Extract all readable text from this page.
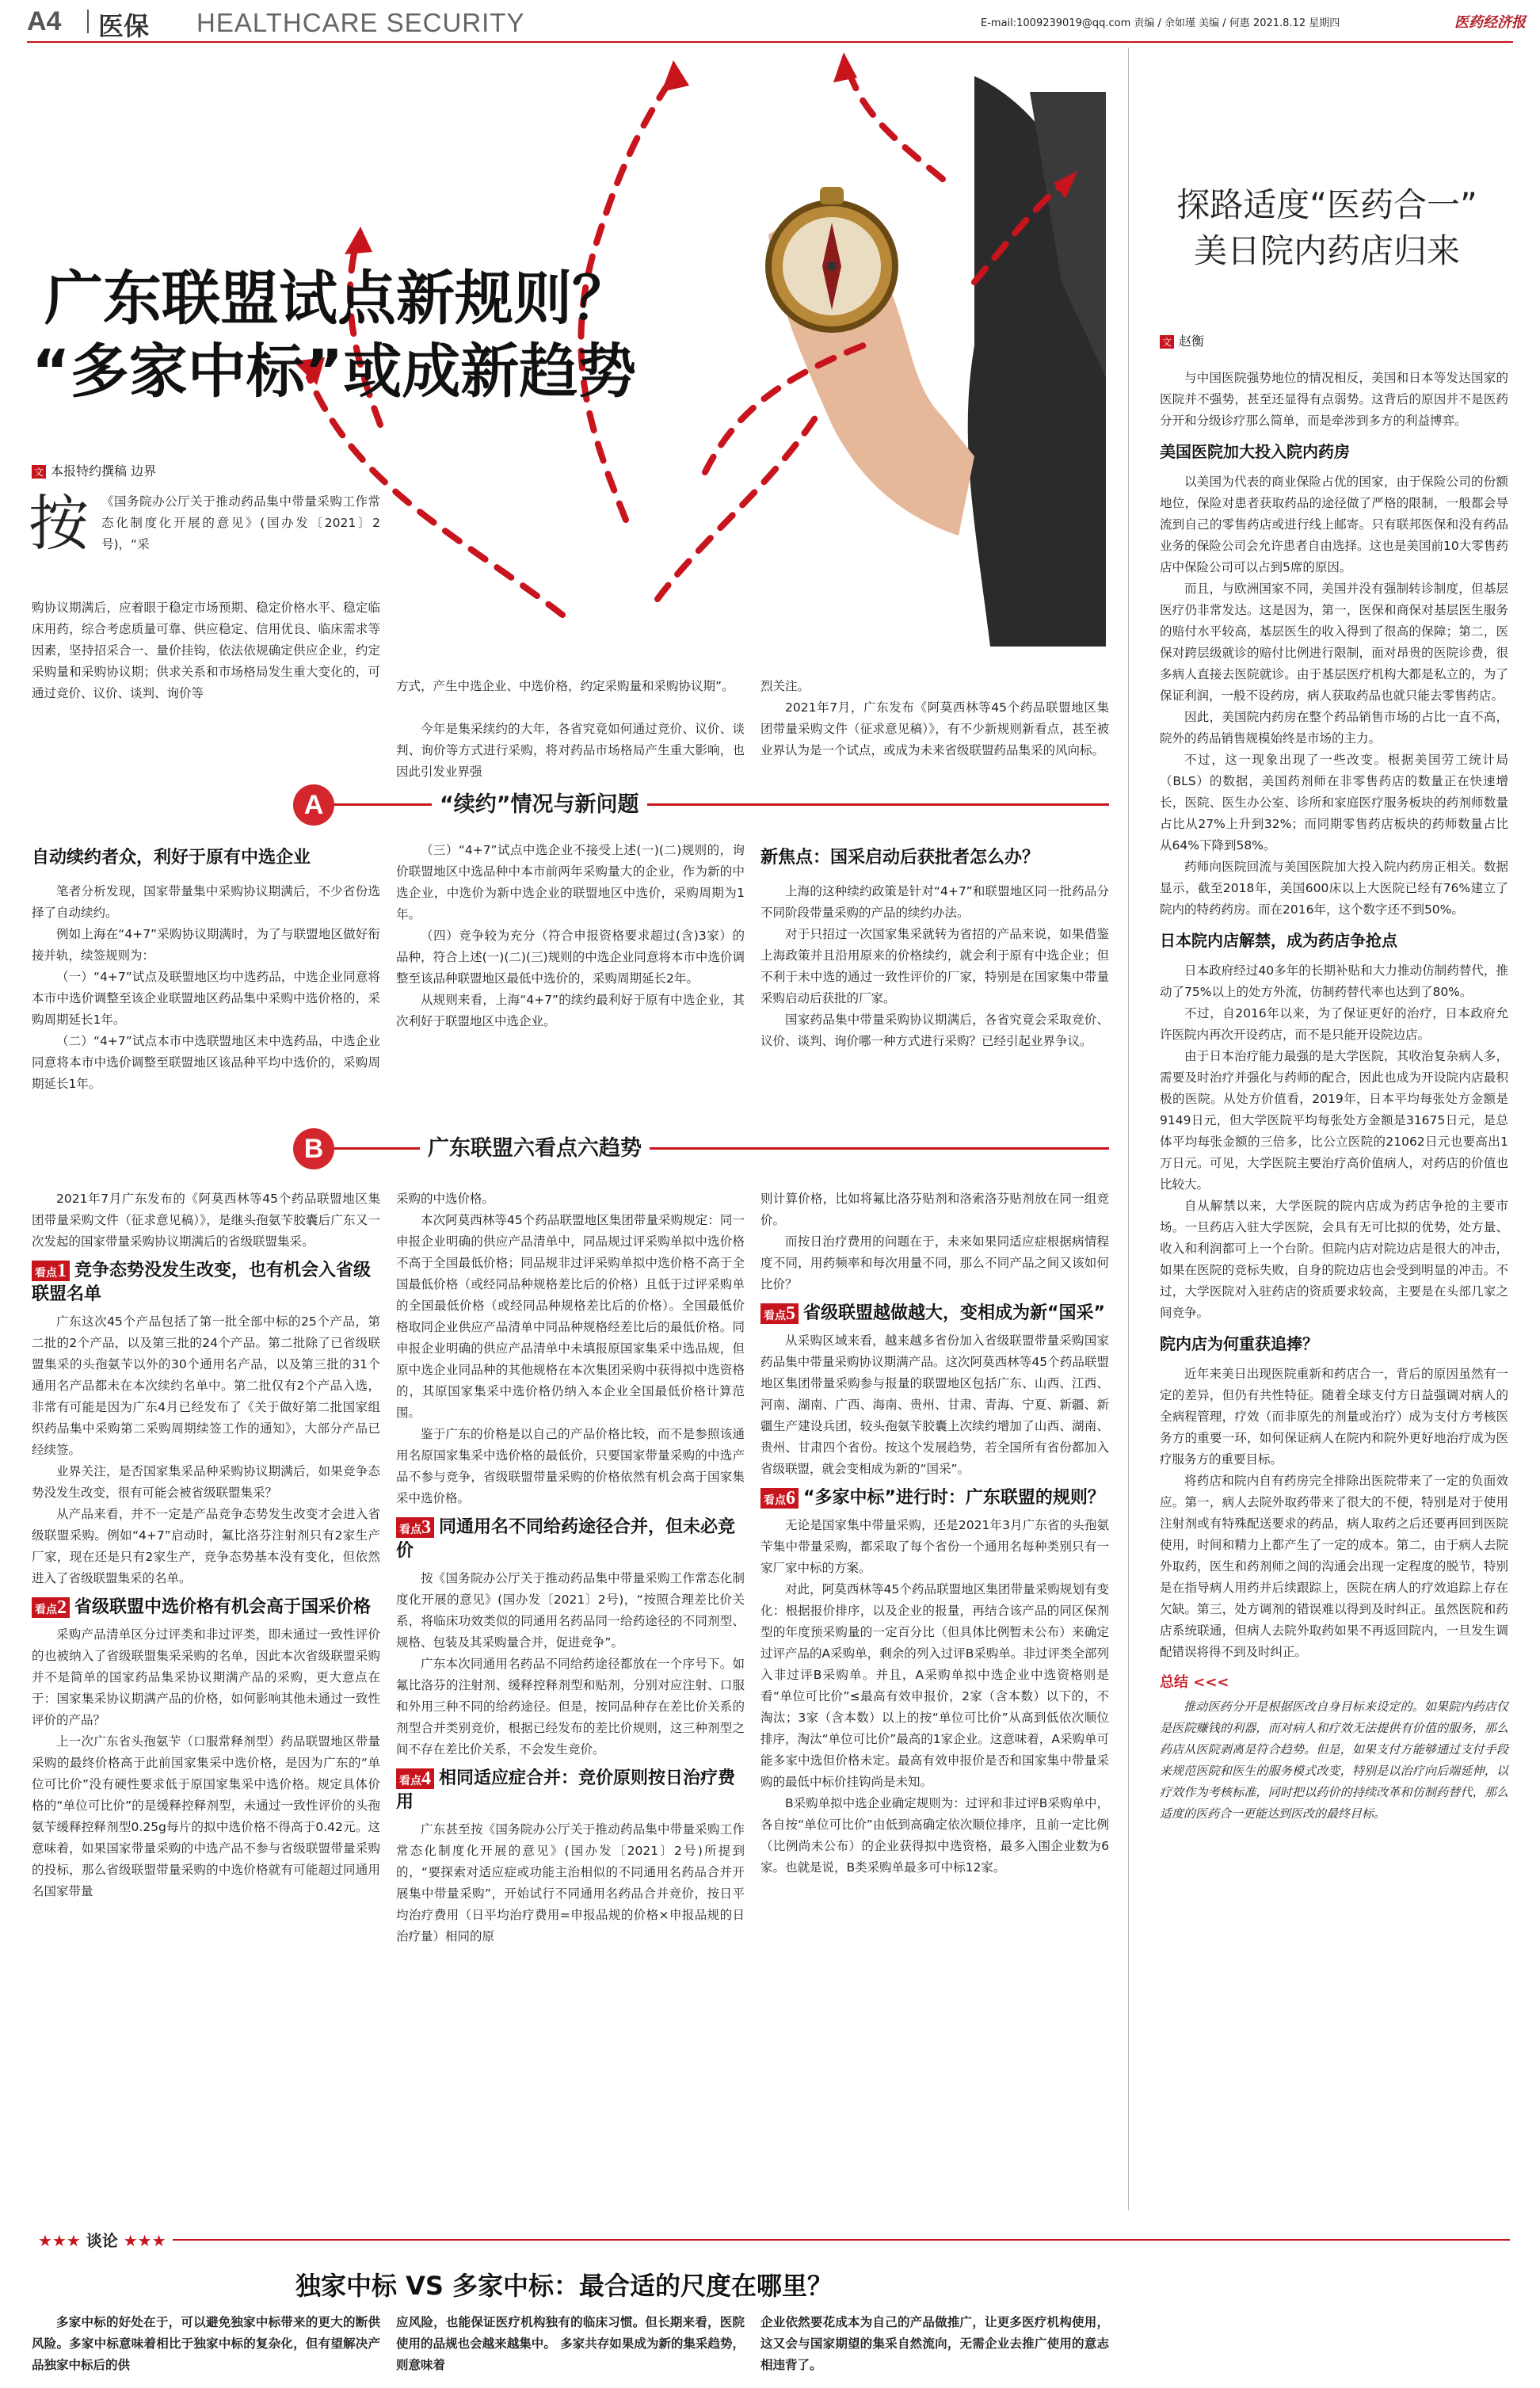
A4 医保 HEALTHCARE SECURITY	E-mail:1009239019@qq.com 责编 / 余如瑾 美编 / 何惠 2021.8.12 星期四	医药经济报
广东联盟试点新规则？
“多家中标”或成新趋势
文 本报特约撰稿 边界
按 《国务院办公厅关于推动药品集中带量采购工作常态化制度化开展的意见》(国办发〔2021〕2号)，“采
购协议期满后，应着眼于稳定市场预期、稳定价格水平、稳定临床用药，综合考虑质量可靠、供应稳定、信用优良、临床需求等因素，坚持招采合一、量价挂钩，依法依规确定供应企业，约定采购量和采购协议期；供求关系和市场格局发生重大变化的，可通过竞价、议价、谈判、询价等	方式，产生中选企业、中选价格，约定采购量和采购协议期”。
今年是集采续约的大年，各省究竟如何通过竞价、议价、谈判、询价等方式进行采购，将对药品市场格局产生重大影响，也因此引发业界强
烈关注。
2021年7月，广东发布《阿莫西林等45个药品联盟地区集团带量采购文件（征求意见稿）》，有不少新规则新看点，甚至被业界认为是一个试点，或成为未来省级联盟药品集采的风向标。
A	“续约”情况与新问题
自动续约者众，利好于原有中选企业
笔者分析发现，国家带量集中采购协议期满后，不少省份选择了自动续约。
例如上海在“4+7”采购协议期满时，为了与联盟地区做好衔接并轨，续签规则为：
（一）“4+7”试点及联盟地区均中选药品，中选企业同意将本市中选价调整至该企业联盟地区药品集中采购中选价格的，采购周期延长1年。
（二）“4+7”试点本市中选联盟地区未中选药品，中选企业同意将本市中选价调整至联盟地区该品种平均中选价的，采购周期延长1年。
（三）“4+7”试点中选企业不接受上述(一)(二)规则的，询价联盟地区中选品种中本市前两年采购量大的企业，作为新的中选企业，中选价为新中选企业的联盟地区中选价，采购周期为1年。
（四）竞争较为充分（符合申报资格要求超过(含)3家）的品种，符合上述(一)(二)(三)规则的中选企业同意将本市中选价调整至该品种联盟地区最低中选价的，采购周期延长2年。
从规则来看，上海“4+7”的续约最利好于原有中选企业，其次利好于联盟地区中选企业。
新焦点：国采启动后获批者怎么办？
上海的这种续约政策是针对“4+7”和联盟地区同一批药品分不同阶段带量采购的产品的续约办法。
对于只招过一次国家集采就转为省招的产品来说，如果借鉴上海政策并且沿用原来的价格续约，就会利于原有中选企业；但不利于未中选的通过一致性评价的厂家，特别是在国家集中带量采购启动后获批的厂家。
国家药品集中带量采购协议期满后，各省究竟会采取竞价、议价、谈判、询价哪一种方式进行采购？已经引起业界争议。
B	广东联盟六看点六趋势
2021年7月广东发布的《阿莫西林等45个药品联盟地区集团带量采购文件（征求意见稿）》，是继头孢氨苄胶囊后广东又一次发起的国家带量采购协议期满后的省级联盟集采。
看点1 竞争态势没发生改变，也有机会入省级联盟名单
广东这次45个产品包括了第一批全部中标的25个产品，第二批的2个产品，以及第三批的24个产品。第二批除了已省级联盟集采的头孢氨苄以外的30个通用名产品，以及第三批的31个通用名产品都未在本次续约名单中。第二批仅有2个产品入选，非常有可能是因为广东4月已经发布了《关于做好第二批国家组织药品集中采购第二采购周期续签工作的通知》，大部分产品已经续签。
业界关注，是否国家集采品种采购协议期满后，如果竞争态势没发生改变，很有可能会被省级联盟集采？
从产品来看，并不一定是产品竞争态势发生改变才会进入省级联盟采购。例如“4+7”启动时，氟比洛芬注射剂只有2家生产厂家，现在还是只有2家生产，竞争态势基本没有变化，但依然进入了省级联盟集采的名单。
看点2 省级联盟中选价格有机会高于国采价格
采购产品清单区分过评类和非过评类，即未通过一致性评价的也被纳入了省级联盟集采采购的名单，因此本次省级联盟采购并不是简单的国家药品集采协议期满产品的采购，更大意点在于：国家集采协议期满产品的价格，如何影响其他未通过一致性评价的产品？
上一次广东省头孢氨苄（口服常释剂型）药品联盟地区带量采购的最终价格高于此前国家集采中选价格，是因为广东的“单位可比价”没有硬性要求低于原国家集采中选价格。规定具体价格的“单位可比价”的是缓释控释剂型，未通过一致性评价的头孢氨苄缓释控释剂型0.25g每片的拟中选价格不得高于0.42元。这意味着，如果国家带量采购的中选产品不参与省级联盟带量采购的投标，那么省级联盟带量采购的中选价格就有可能超过同通用名国家带量
采购的中选价格。
本次阿莫西林等45个药品联盟地区集团带量采购规定：同一申报企业明确的供应产品清单中，同品规过评采购单拟中选价格不高于全国最低价格；同品规非过评采购单拟中选价格不高于全国最低价格（或经同品种规格差比后的价格）且低于过评采购单的全国最低价格（或经同品种规格差比后的价格）。全国最低价格取同企业供应产品清单中同品种规格经差比后的最低价格。同申报企业明确的供应产品清单中未填报原国家集采中选品规，但原中选企业同品种的其他规格在本次集团采购中获得拟中选资格的，其原国家集采中选价格仍纳入本企业全国最低价格计算范围。
鉴于广东的价格是以自己的产品价格比较，而不是参照该通用名原国家集采中选价格的最低价，只要国家带量采购的中选产品不参与竞争，省级联盟带量采购的价格依然有机会高于国家集采中选价格。
看点3 同通用名不同给药途径合并，但未必竞价
按《国务院办公厅关于推动药品集中带量采购工作常态化制度化开展的意见》(国办发〔2021〕2号)，“按照合理差比价关系，将临床功效类似的同通用名药品同一给药途径的不同剂型、规格、包装及其采购量合并，促进竞争”。
广东本次同通用名药品不同给药途径都放在一个序号下。如氟比洛芬的注射剂、缓释控释剂型和贴剂，分别对应注射、口服和外用三种不同的给药途径。但是，按同品种存在差比价关系的剂型合并类别竞价，根据已经发布的差比价规则，这三种剂型之间不存在差比价关系，不会发生竞价。
看点4 相同适应症合并：竞价原则按日治疗费用
广东甚至按《国务院办公厅关于推动药品集中带量采购工作常态化制度化开展的意见》(国办发〔2021〕2号)所提到的，“要探索对适应症或功能主治相似的不同通用名药品合并开展集中带量采购”，开始试行不同通用名药品合并竞价，按日平均治疗费用（日平均治疗费用=申报品规的价格×申报品规的日治疗量）相同的原
则计算价格，比如将氟比洛芬贴剂和洛索洛芬贴剂放在同一组竞价。
而按日治疗费用的问题在于，未来如果同适应症根据病情程度不同，用药频率和每次用量不同，那么不同产品之间又该如何比价？
看点5 省级联盟越做越大，变相成为新“国采”
从采购区域来看，越来越多省份加入省级联盟带量采购国家药品集中带量采购协议期满产品。这次阿莫西林等45个药品联盟地区集团带量采购参与报量的联盟地区包括广东、山西、江西、河南、湖南、广西、海南、贵州、甘肃、青海、宁夏、新疆、新疆生产建设兵团，较头孢氨苄胶囊上次续约增加了山西、湖南、贵州、甘肃四个省份。按这个发展趋势，若全国所有省份都加入省级联盟，就会变相成为新的“国采”。
看点6 “多家中标”进行时：广东联盟的规则？
无论是国家集中带量采购，还是2021年3月广东省的头孢氨苄集中带量采购，都采取了每个省份一个通用名每种类别只有一家厂家中标的方案。
对此，阿莫西林等45个药品联盟地区集团带量采购规划有变化：根据报价排序，以及企业的报量，再结合该产品的同区保剂型的年度预采购量的一定百分比（但具体比例暂未公布）来确定过评产品的A采购单，剩余的列入过评B采购单。非过评类全部列入非过评B采购单。并且，A采购单拟中选企业中选资格则是看“单位可比价”≤最高有效申报价，2家（含本数）以下的，不淘汰；3家（含本数）以上的按“单位可比价”从高到低依次顺位排序，淘汰“单位可比价”最高的1家企业。这意味着，A采购单可能多家中选但价格未定。最高有效申报价是否和国家集中带量采购的最低中标价挂钩尚是未知。
B采购单拟中选企业确定规则为：过评和非过评B采购单中，各自按“单位可比价”由低到高确定依次顺位排序，且前一定比例（比例尚未公布）的企业获得拟中选资格，最多入围企业数为6家。也就是说，B类采购单最多可中标12家。
探路适度“医药合一”
美日院内药店归来
文 赵衡
与中国医院强势地位的情况相反，美国和日本等发达国家的医院并不强势，甚至还显得有点弱势。这背后的原因并不是医药分开和分级诊疗那么简单，而是牵涉到多方的利益博弈。
美国医院加大投入院内药房
以美国为代表的商业保险占优的国家，由于保险公司的份额地位，保险对患者获取药品的途径做了严格的限制，一般都会导流到自己的零售药店或进行线上邮寄。只有联邦医保和没有药品业务的保险公司会允许患者自由选择。这也是美国前10大零售药店中保险公司可以占到5席的原因。
而且，与欧洲国家不同，美国并没有强制转诊制度，但基层医疗仍非常发达。这是因为，第一，医保和商保对基层医生服务的赔付水平较高，基层医生的收入得到了很高的保障；第二，医保对跨层级就诊的赔付比例进行限制，面对昂贵的医院诊费，很多病人直接去医院就诊。由于基层医疗机构大都是私立的，为了保证利润，一般不设药房，病人获取药品也就只能去零售药店。
因此，美国院内药房在整个药品销售市场的占比一直不高，院外的药品销售规模始终是市场的主力。
不过，这一现象出现了一些改变。根据美国劳工统计局（BLS）的数据，美国药剂师在非零售药店的数量正在快速增长，医院、医生办公室、诊所和家庭医疗服务板块的药剂师数量占比从27%上升到32%；而同期零售药店板块的药师数量占比从64%下降到58%。
药师向医院回流与美国医院加大投入院内药房正相关。数据显示，截至2018年，美国600床以上大医院已经有76%建立了院内的特药药房。而在2016年，这个数字还不到50%。
日本院内店解禁，成为药店争抢点
日本政府经过40多年的长期补贴和大力推动仿制药替代，推动了75%以上的处方外流，仿制药替代率也达到了80%。
不过，自2016年以来，为了保证更好的治疗，日本政府允许医院内再次开设药店，而不是只能开设院边店。
由于日本治疗能力最强的是大学医院，其收治复杂病人多，需要及时治疗并强化与药师的配合，因此也成为开设院内店最积极的医院。从处方价值看，2019年，日本平均每张处方金额是9149日元，但大学医院平均每张处方金额是31675日元，是总体平均每张金额的三倍多，比公立医院的21062日元也要高出1万日元。可见，大学医院主要治疗高价值病人，对药店的价值也比较大。
自从解禁以来，大学医院的院内店成为药店争抢的主要市场。一旦药店入驻大学医院，会具有无可比拟的优势，处方量、收入和利润都可上一个台阶。但院内店对院边店是很大的冲击，如果在医院的竞标失败，自身的院边店也会受到明显的冲击。不过，大学医院对入驻药店的资质要求较高，主要是在头部几家之间竞争。
院内店为何重获追捧？
近年来美日出现医院重新和药店合一，背后的原因虽然有一定的差异，但仍有共性特征。随着全球支付方日益强调对病人的全病程管理，疗效（而非原先的剂量或治疗）成为支付方考核医务方的重要一环，如何保证病人在院内和院外更好地治疗成为医疗服务方的重要目标。
将药店和院内自有药房完全排除出医院带来了一定的负面效应。第一，病人去院外取药带来了很大的不便，特别是对于使用注射剂或有特殊配送要求的药品，病人取药之后还要再回到医院使用，时间和精力上都产生了一定的成本。第二，由于病人去院外取药，医生和药剂师之间的沟通会出现一定程度的脱节，特别是在指导病人用药并后续跟踪上，医院在病人的疗效追踪上存在欠缺。第三，处方调剂的错误难以得到及时纠正。虽然医院和药店系统联通，但病人去院外取药如果不再返回院内，一旦发生调配错误将得不到及时纠正。
总结 <<<
推动医药分开是根据医改自身目标来设定的。如果院内药店仅是医院赚钱的利器，而对病人和疗效无法提供有价值的服务，那么药店从医院剥离是符合趋势。但是，如果支付方能够通过支付手段来规范医院和医生的服务模式改变，特别是以治疗向后端延伸，以疗效作为考核标准，同时把以药价的持续改革和仿制药替代，那么适度的医药合一更能达到医改的最终目标。
★★★ 谈论 ★★★
独家中标 VS 多家中标：最合适的尺度在哪里？
多家中标的好处在于，可以避免独家中标带来的更大的断供风险。多家中标意味着相比于独家中标的复杂化，但有望解决产品独家中标后的供
应风险，也能保证医疗机构独有的临床习惯。但长期来看，医院使用的品规也会越来越集中。 多家共存如果成为新的集采趋势，则意味着
企业依然要花成本为自己的产品做推广，让更多医疗机构使用，这又会与国家期望的集采自然流向，无需企业去推广使用的意志相违背了。
